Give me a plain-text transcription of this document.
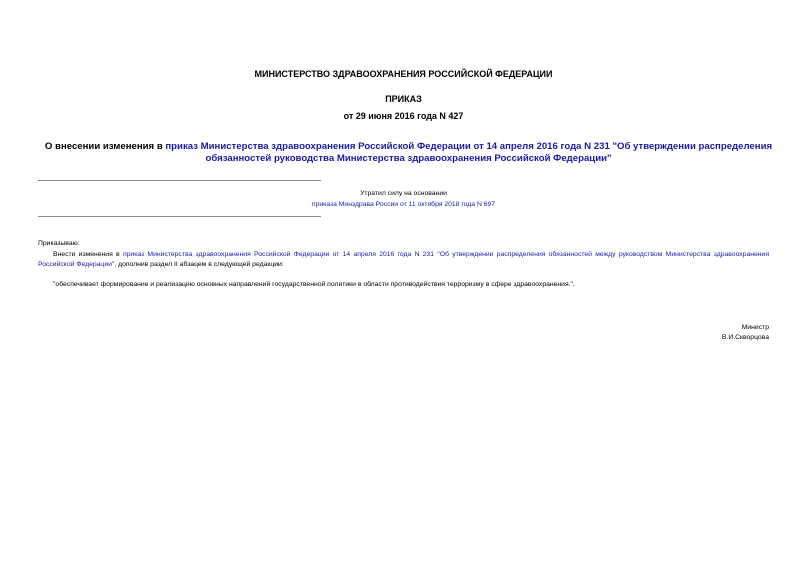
МИНИСТЕРСТВО ЗДРАВООХРАНЕНИЯ РОССИЙСКОЙ ФЕДЕРАЦИИ
ПРИКАЗ
от 29 июня 2016 года N 427
О внесении изменения в приказ Министерства здравоохранения Российской Федерации от 14 апреля 2016 года N 231 "Об утверждении распределения обязанностей руководства Министерства здравоохранения Российской Федерации"
Утратил силу на основании
приказа Минздрава России от 11 октября 2018 года N 697
Приказываю:
Внести изменения в приказ Министерства здравоохранения Российской Федерации от 14 апреля 2016 года N 231 "Об утверждении распределения обязанностей между руководством Министерства здравоохранения Российской Федерации", дополнив раздел II абзацем в следующей редакции:
"обеспечивает формирование и реализацию основных направлений государственной политики в области противодействия терроризму в сфере здравоохранения.".
Министр
В.И.Скворцова
